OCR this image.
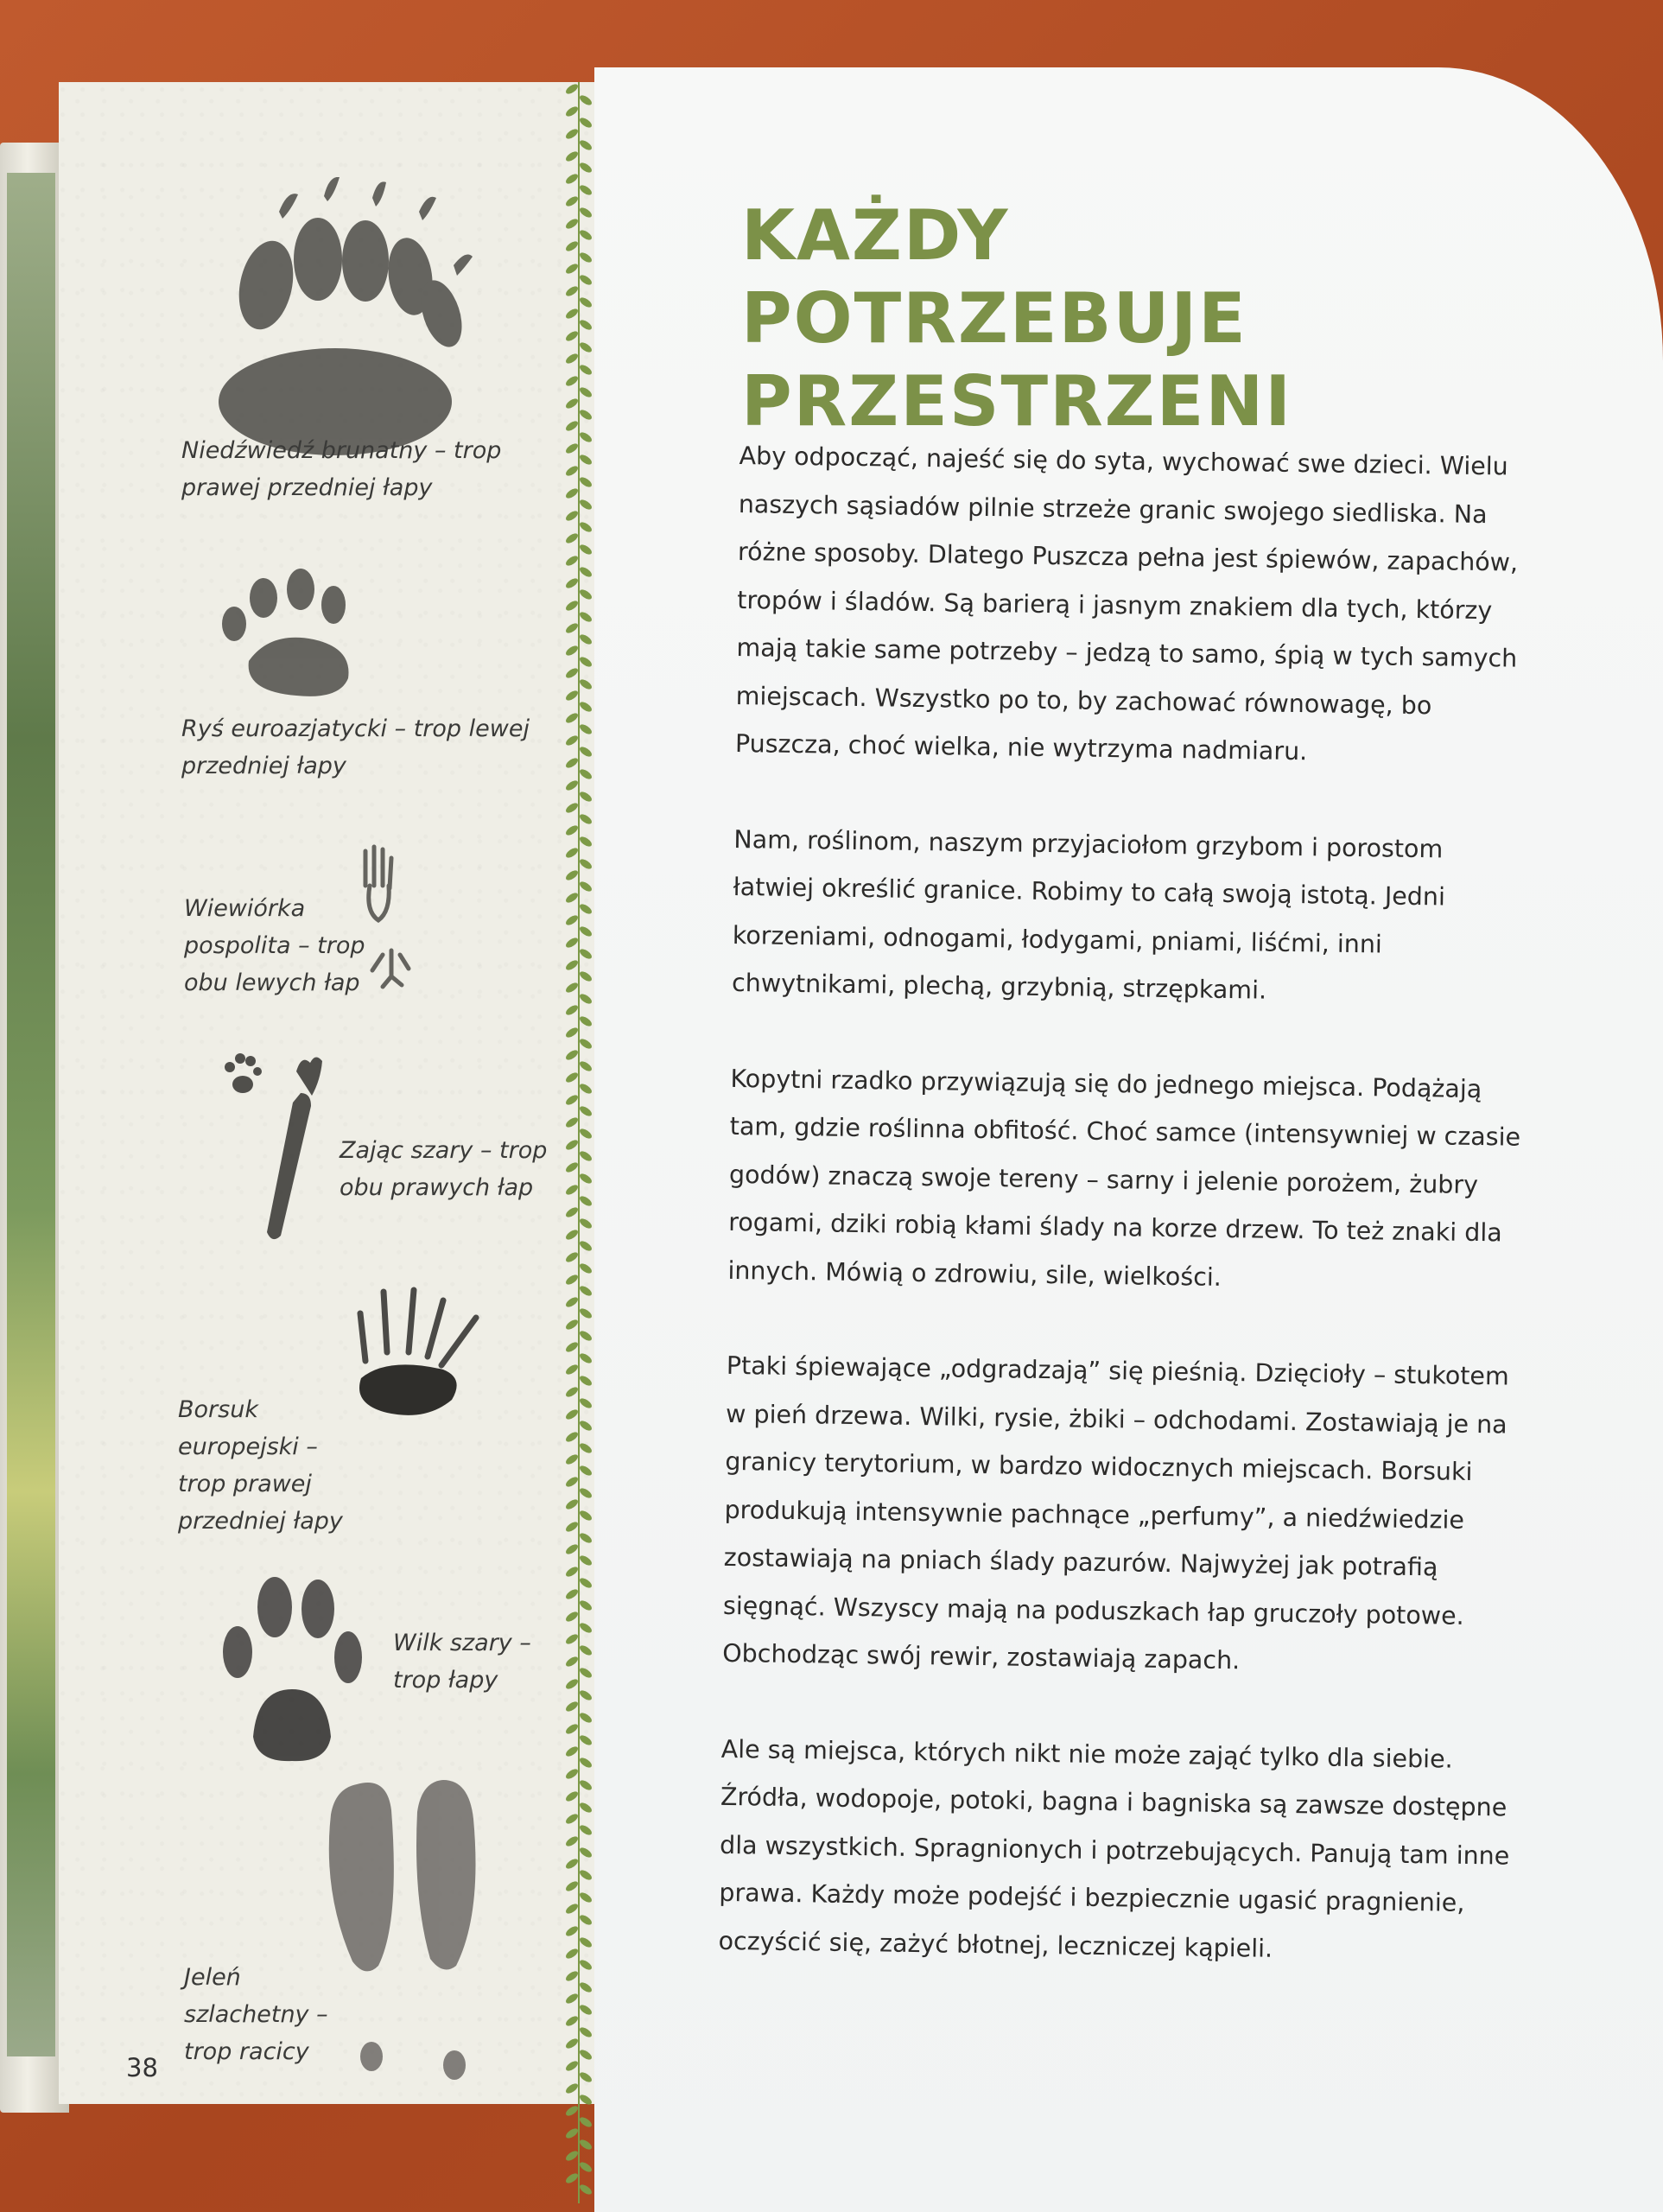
Niedźwiedź brunatny – trop
prawej przedniej łapy
Ryś euroazjatycki – trop lewej
przedniej łapy
Wiewiórka
pospolita – trop
obu lewych łap
Zając szary – trop
obu prawych łap
Borsuk
europejski –
trop prawej
przedniej łapy
Wilk szary –
trop łapy
Jeleń
szlachetny –
trop racicy
38
KAŻDY POTRZEBUJE PRZESTRZENI

Aby odpocząć, najeść się do syta, wychować swe dzieci. Wielu naszych sąsiadów pilnie strzeże granic swojego siedliska. Na różne sposoby. Dlatego Puszcza pełna jest śpiewów, zapachów, tropów i śladów. Są barierą i jasnym znakiem dla tych, którzy mają takie same potrzeby – jedzą to samo, śpią w tych samych miejscach. Wszystko po to, by zachować równowagę, bo Puszcza, choć wielka, nie wytrzyma nadmiaru.

Nam, roślinom, naszym przyjaciołom grzybom i porostom łatwiej określić granice. Robimy to całą swoją istotą. Jedni korzeniami, odnogami, łodygami, pniami, liśćmi, inni chwytnikami, plechą, grzybnią, strzępkami.

Kopytni rzadko przywiązują się do jednego miejsca. Podążają tam, gdzie roślinna obfitość. Choć samce (intensywniej w czasie godów) znaczą swoje tereny – sarny i jelenie porożem, żubry rogami, dziki robią kłami ślady na korze drzew. To też znaki dla innych. Mówią o zdrowiu, sile, wielkości.

Ptaki śpiewające „odgradzają” się pieśnią. Dzięcioły – stukotem w pień drzewa. Wilki, rysie, żbiki – odchodami. Zostawiają je na granicy terytorium, w bardzo widocznych miejscach. Borsuki produkują intensywnie pachnące „perfumy”, a niedźwiedzie zostawiają na pniach ślady pazurów. Najwyżej jak potrafią sięgnąć. Wszyscy mają na poduszkach łap gruczoły potowe. Obchodząc swój rewir, zostawiają zapach.

Ale są miejsca, których nikt nie może zająć tylko dla siebie. Źródła, wodopoje, potoki, bagna i bagniska są zawsze dostępne dla wszystkich. Spragnionych i potrzebujących. Panują tam inne prawa. Każdy może podejść i bezpiecznie ugasić pragnienie, oczyścić się, zażyć błotnej, leczniczej kąpieli.
